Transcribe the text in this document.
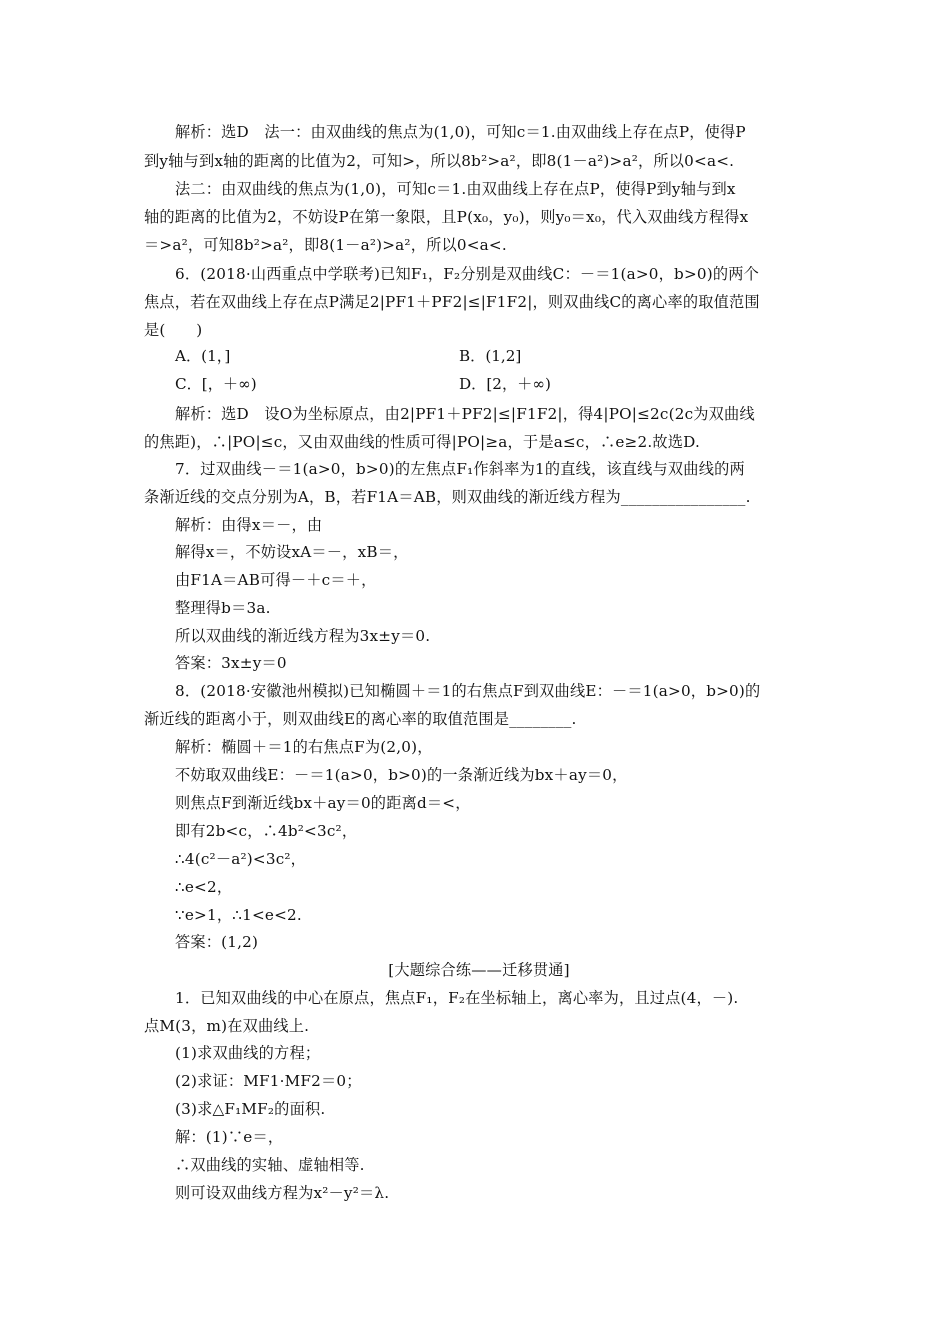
解析：选D　法一：由双曲线的焦点为(1,0)，可知c＝1.由双曲线上存在点P，使得P
到y轴与到x轴的距离的比值为2，可知>，所以8b²>a²，即8(1－a²)>a²，所以0<a<.
法二：由双曲线的焦点为(1,0)，可知c＝1.由双曲线上存在点P，使得P到y轴与到x
轴的距离的比值为2，不妨设P在第一象限，且P(x₀，y₀)，则y₀＝x₀，代入双曲线方程得x
＝>a²，可知8b²>a²，即8(1－a²)>a²，所以0<a<.
6．(2018·山西重点中学联考)已知F₁，F₂分别是双曲线C：－＝1(a>0，b>0)的两个
焦点，若在双曲线上存在点P满足2|PF1＋PF2|≤|F1F2|，则双曲线C的离心率的取值范围
是(　　)
A．(1，]	B．(1,2]
C．[，＋∞)	D．[2，＋∞)
解析：选D　设O为坐标原点，由2|PF1＋PF2|≤|F1F2|，得4|PO|≤2c(2c为双曲线
的焦距)，∴|PO|≤c，又由双曲线的性质可得|PO|≥a，于是a≤c，∴e≥2.故选D.
7．过双曲线－＝1(a>0，b>0)的左焦点F₁作斜率为1的直线，该直线与双曲线的两
条渐近线的交点分别为A，B，若F1A＝AB，则双曲线的渐近线方程为________________.
解析：由得x＝－，由
解得x＝，不妨设xA＝－，xB＝，
由F1A＝AB可得－＋c＝＋，
整理得b＝3a.
所以双曲线的渐近线方程为3x±y＝0.
答案：3x±y＝0
8．(2018·安徽池州模拟)已知椭圆＋＝1的右焦点F到双曲线E：－＝1(a>0，b>0)的
渐近线的距离小于，则双曲线E的离心率的取值范围是________.
解析：椭圆＋＝1的右焦点F为(2,0)，
不妨取双曲线E：－＝1(a>0，b>0)的一条渐近线为bx＋ay＝0，
则焦点F到渐近线bx＋ay＝0的距离d＝<，
即有2b<c，∴4b²<3c²，
∴4(c²－a²)<3c²，
∴e<2，
∵e>1，∴1<e<2.
答案：(1,2)
[大题综合练——迁移贯通]
1．已知双曲线的中心在原点，焦点F₁，F₂在坐标轴上，离心率为，且过点(4，－).
点M(3，m)在双曲线上.
(1)求双曲线的方程；
(2)求证：MF1·MF2＝0；
(3)求△F₁MF₂的面积.
解：(1)∵e＝，
∴双曲线的实轴、虚轴相等.
则可设双曲线方程为x²－y²＝λ.
